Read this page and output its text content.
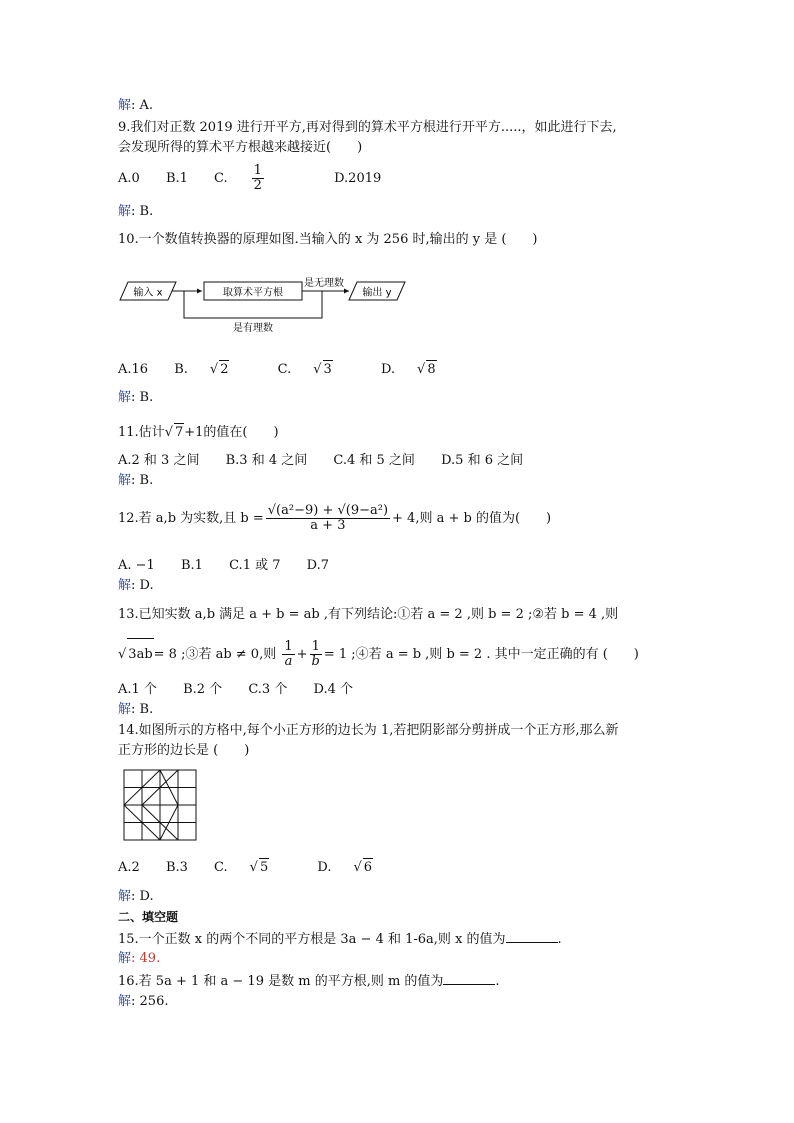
解: A.
9.我们对正数 2019 进行开平方,再对得到的算术平方根进行开平方.....，如此进行下去,
会发现所得的算术平方根越来越接近(　　)
A.0 B.1 C. $\frac{1}{2}$	D.2019
解: B.
10.一个数值转换器的原理如图.当输入的 x 为 256 时,输出的 y 是 (　　)
输入 x	取算术平方根
是无理数
输出 y
是有理数
A.16 B. √ 2	C. √ 3	D. √ 8
解: B.
11.估计√ 7+1的值在(　　)
A.2 和 3 之间 B.3 和 4 之间 C.4 和 5 之间 D.5 和 6 之间
解: B.
12.若 a,b 为实数,且 $b = \frac{\text{√(a²−9) + √(9−a²)}}{a + 3} + 4$,则 a + b 的值为(　　)
A. −1 B.1 C.1 或 7 D.7
解: D.
13.已知实数 a,b 满足 a + b = ab ,有下列结论:①若 a = 2 ,则 b = 2 ;②若 b = 4 ,则
√ 3ab= 8 ;③若 ab ≠ 0,则 $\frac{1}{a} + \frac{1}{b} = 1$ ;④若 a = b ,则 b = 2 . 其中一定正确的有 (　　)
A.1 个 B.2 个 C.3 个 D.4 个
解: B.
14.如图所示的方格中,每个小正方形的边长为 1,若把阴影部分剪拼成一个正方形,那么新
正方形的边长是 (　　)
A.2 B.3 C. √ 5	D. √ 6
解: D.
二、填空题
15.一个正数 x 的两个不同的平方根是 3a − 4 和 1-6a,则 x 的值为	.
解: 49.
16.若 5a + 1 和 a − 19 是数 m 的平方根,则 m 的值为	.
解: 256.
